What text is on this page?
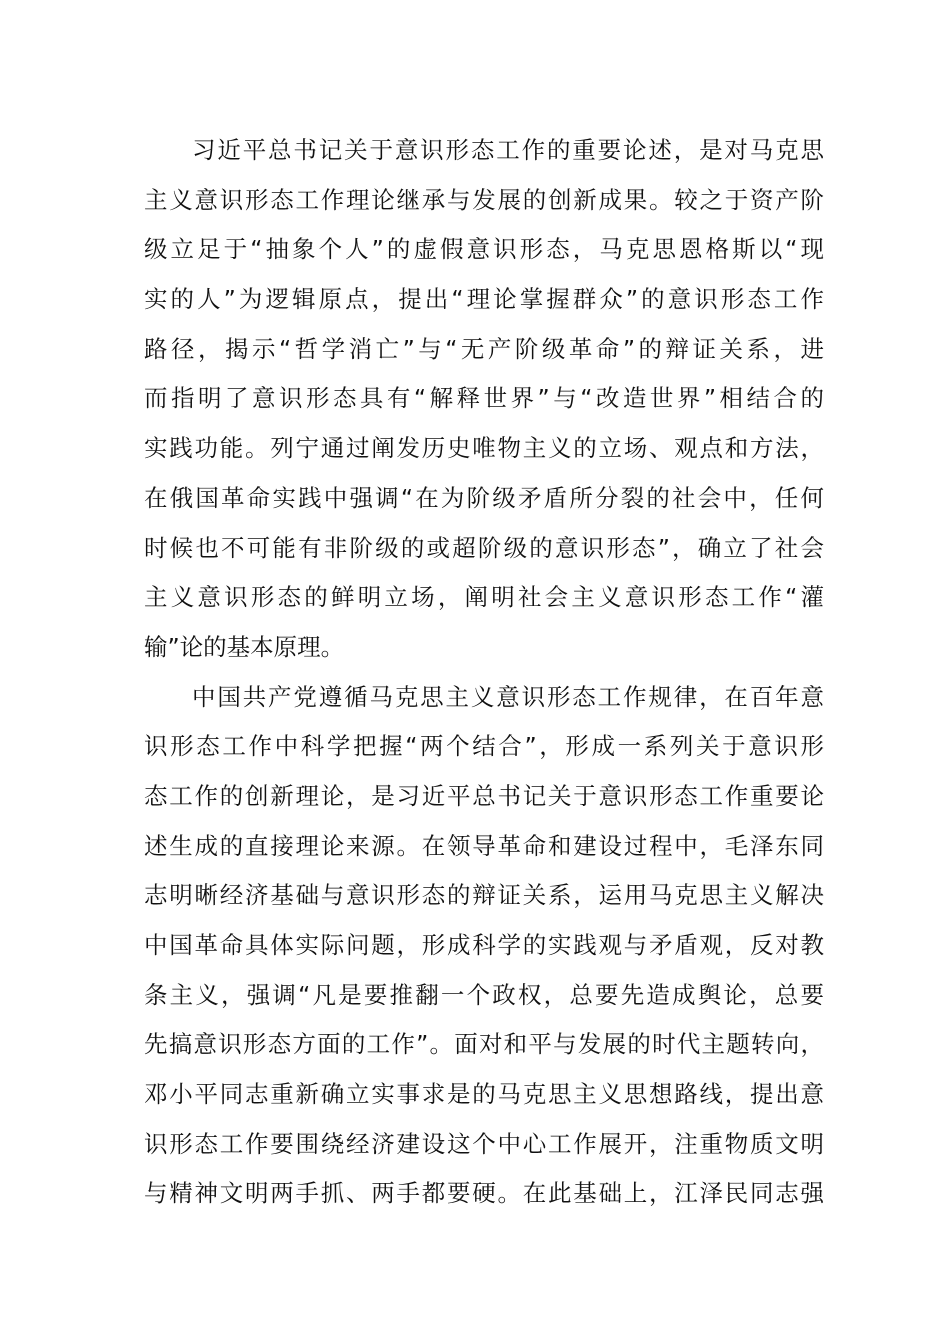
习近平总书记关于意识形态工作的重要论述，是对马克思
主义意识形态工作理论继承与发展的创新成果。较之于资产阶
级立足于“抽象个人”的虚假意识形态，马克思恩格斯以“现
实的人”为逻辑原点，提出“理论掌握群众”的意识形态工作
路径，揭示“哲学消亡”与“无产阶级革命”的辩证关系，进
而指明了意识形态具有“解释世界”与“改造世界”相结合的
实践功能。列宁通过阐发历史唯物主义的立场、观点和方法，
在俄国革命实践中强调“在为阶级矛盾所分裂的社会中，任何
时候也不可能有非阶级的或超阶级的意识形态”，确立了社会
主义意识形态的鲜明立场，阐明社会主义意识形态工作“灌
输”论的基本原理。
中国共产党遵循马克思主义意识形态工作规律，在百年意
识形态工作中科学把握“两个结合”，形成一系列关于意识形
态工作的创新理论，是习近平总书记关于意识形态工作重要论
述生成的直接理论来源。在领导革命和建设过程中，毛泽东同
志明晰经济基础与意识形态的辩证关系，运用马克思主义解决
中国革命具体实际问题，形成科学的实践观与矛盾观，反对教
条主义，强调“凡是要推翻一个政权，总要先造成舆论，总要
先搞意识形态方面的工作”。面对和平与发展的时代主题转向，
邓小平同志重新确立实事求是的马克思主义思想路线，提出意
识形态工作要围绕经济建设这个中心工作展开，注重物质文明
与精神文明两手抓、两手都要硬。在此基础上，江泽民同志强
